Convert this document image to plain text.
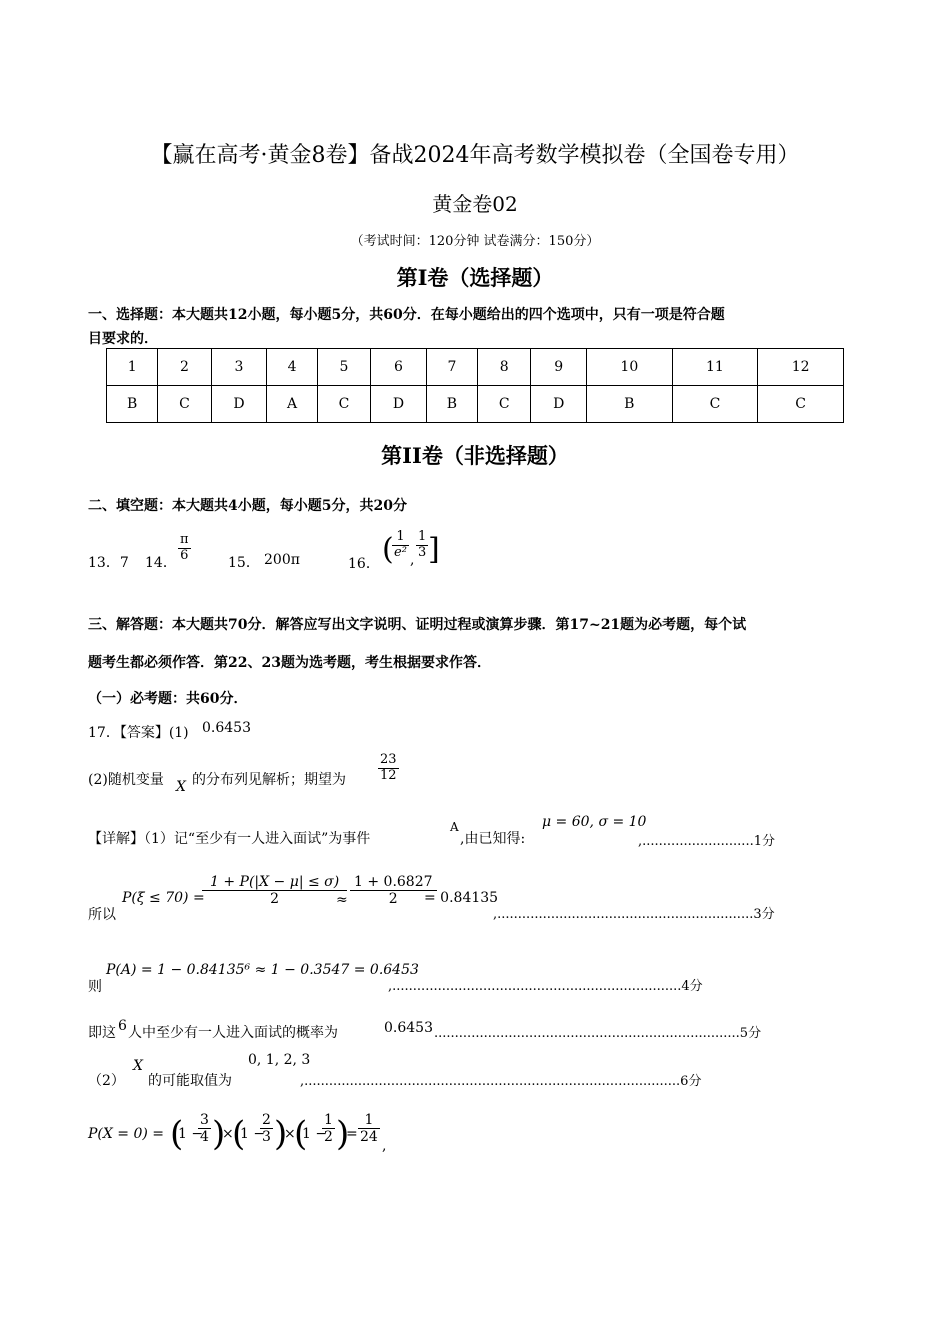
【赢在高考·黄金8卷】备战2024年高考数学模拟卷（全国卷专用）
黄金卷02
（考试时间：120分钟 试卷满分：150分）
第I卷（选择题）
一、选择题：本大题共12小题，每小题5分，共60分．在每小题给出的四个选项中，只有一项是符合题
目要求的．
1	2	3	4	5	6	7	8	9	10	11	12
B	C	D	A	C	D	B	C	D	B	C	C
第II卷（非选择题）
二、填空题：本大题共4小题，每小题5分，共20分
13．7 14． $\frac{\pi}{6}$	15． 200π	16． (
$\frac{1}{\text{e²}}$ , $\frac{1}{3}$ ]
三、解答题：本大题共70分．解答应写出文字说明、证明过程或演算步骤．第17~21题为必考题，每个试
题考生都必须作答．第22、23题为选考题，考生根据要求作答．
（一）必考题：共60分．
17．【答案】(1) 0.6453
(2)随机变量 X 的分布列见解析；期望为 $\frac{23}{12}$
【详解】（1）记“至少有一人进入面试”为事件
A
,由已知得:
μ = 60, σ = 10
,...........................1分
所以
P(ξ ≤ 70) =
$\frac{1 + P(|X - \mu| \le \sigma)}{2}$
≈ $\frac{1 + 0.6827}{2}$
= 0.84135
,..............................................................3分
则
P(A) = 1 − 0.84135⁶ ≈ 1 − 0.3547 = 0.6453
,......................................................................4分
即这 6 人中至少有一人进入面试的概率为	0.6453 ..........................................................................5分
（2）
X
的可能取值为
0, 1, 2, 3
,...........................................................................................6分
P(X = 0) = (
1 −
$\frac{3}{4}$ )
×
(
1 −
$\frac{2}{3}$ )
×
(
1 −
$\frac{1}{2}$ )
= $\frac{1}{24}$
,
